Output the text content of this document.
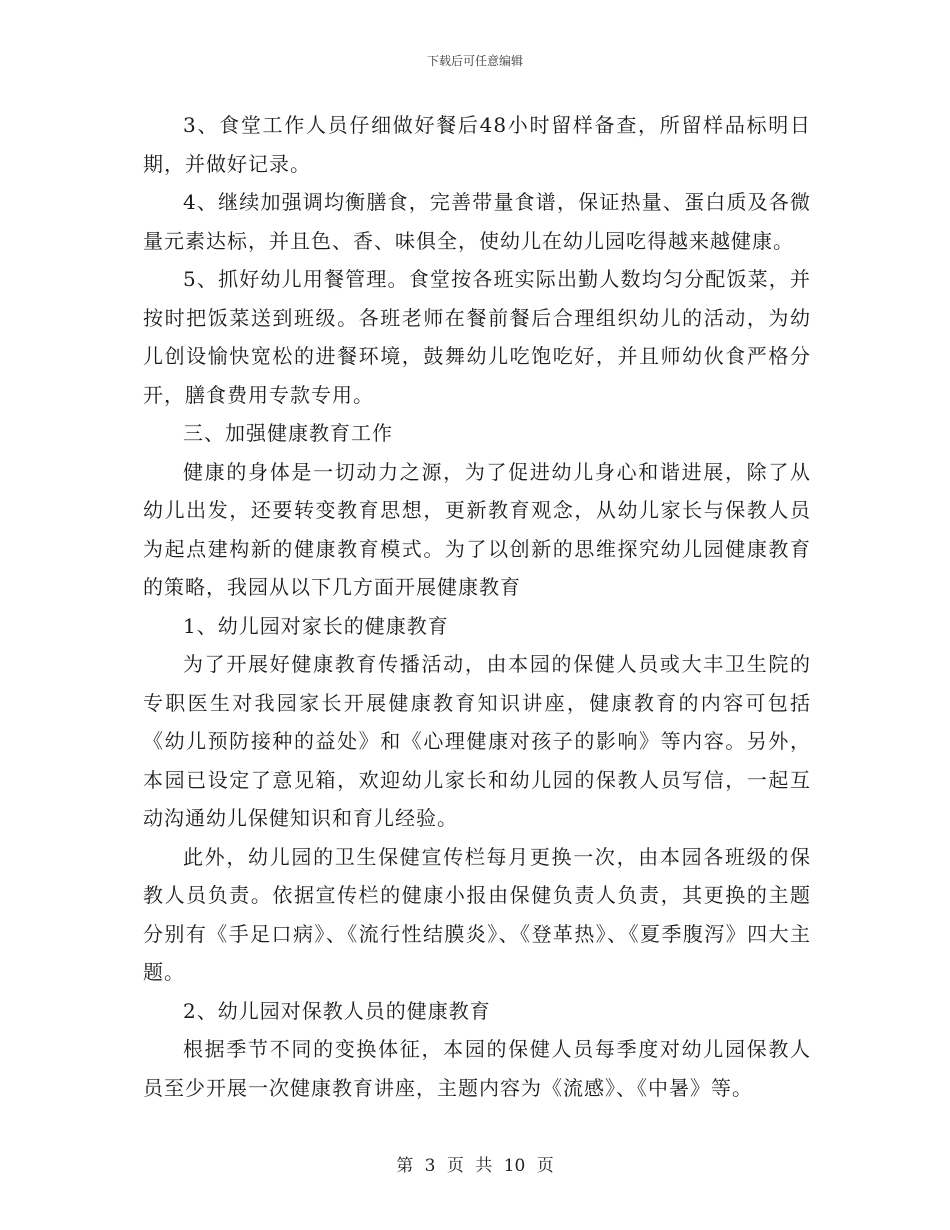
下载后可任意编辑

3、食堂工作人员仔细做好餐后48小时留样备查，所留样品标明日期，并做好记录。

4、继续加强调均衡膳食，完善带量食谱，保证热量、蛋白质及各微量元素达标，并且色、香、味俱全，使幼儿在幼儿园吃得越来越健康。

5、抓好幼儿用餐管理。食堂按各班实际出勤人数均匀分配饭菜，并按时把饭菜送到班级。各班老师在餐前餐后合理组织幼儿的活动，为幼儿创设愉快宽松的进餐环境，鼓舞幼儿吃饱吃好，并且师幼伙食严格分开，膳食费用专款专用。

三、加强健康教育工作

健康的身体是一切动力之源，为了促进幼儿身心和谐进展，除了从幼儿出发，还要转变教育思想，更新教育观念，从幼儿家长与保教人员为起点建构新的健康教育模式。为了以创新的思维探究幼儿园健康教育的策略，我园从以下几方面开展健康教育

1、幼儿园对家长的健康教育

为了开展好健康教育传播活动，由本园的保健人员或大丰卫生院的专职医生对我园家长开展健康教育知识讲座，健康教育的内容可包括《幼儿预防接种的益处》和《心理健康对孩子的影响》等内容。另外，本园已设定了意见箱，欢迎幼儿家长和幼儿园的保教人员写信，一起互动沟通幼儿保健知识和育儿经验。

此外，幼儿园的卫生保健宣传栏每月更换一次，由本园各班级的保教人员负责。依据宣传栏的健康小报由保健负责人负责，其更换的主题分别有《手足口病》、《流行性结膜炎》、《登革热》、《夏季腹泻》四大主题。

2、幼儿园对保教人员的健康教育

根据季节不同的变换体征，本园的保健人员每季度对幼儿园保教人员至少开展一次健康教育讲座，主题内容为《流感》、《中暑》等。

第 3 页 共 10 页
